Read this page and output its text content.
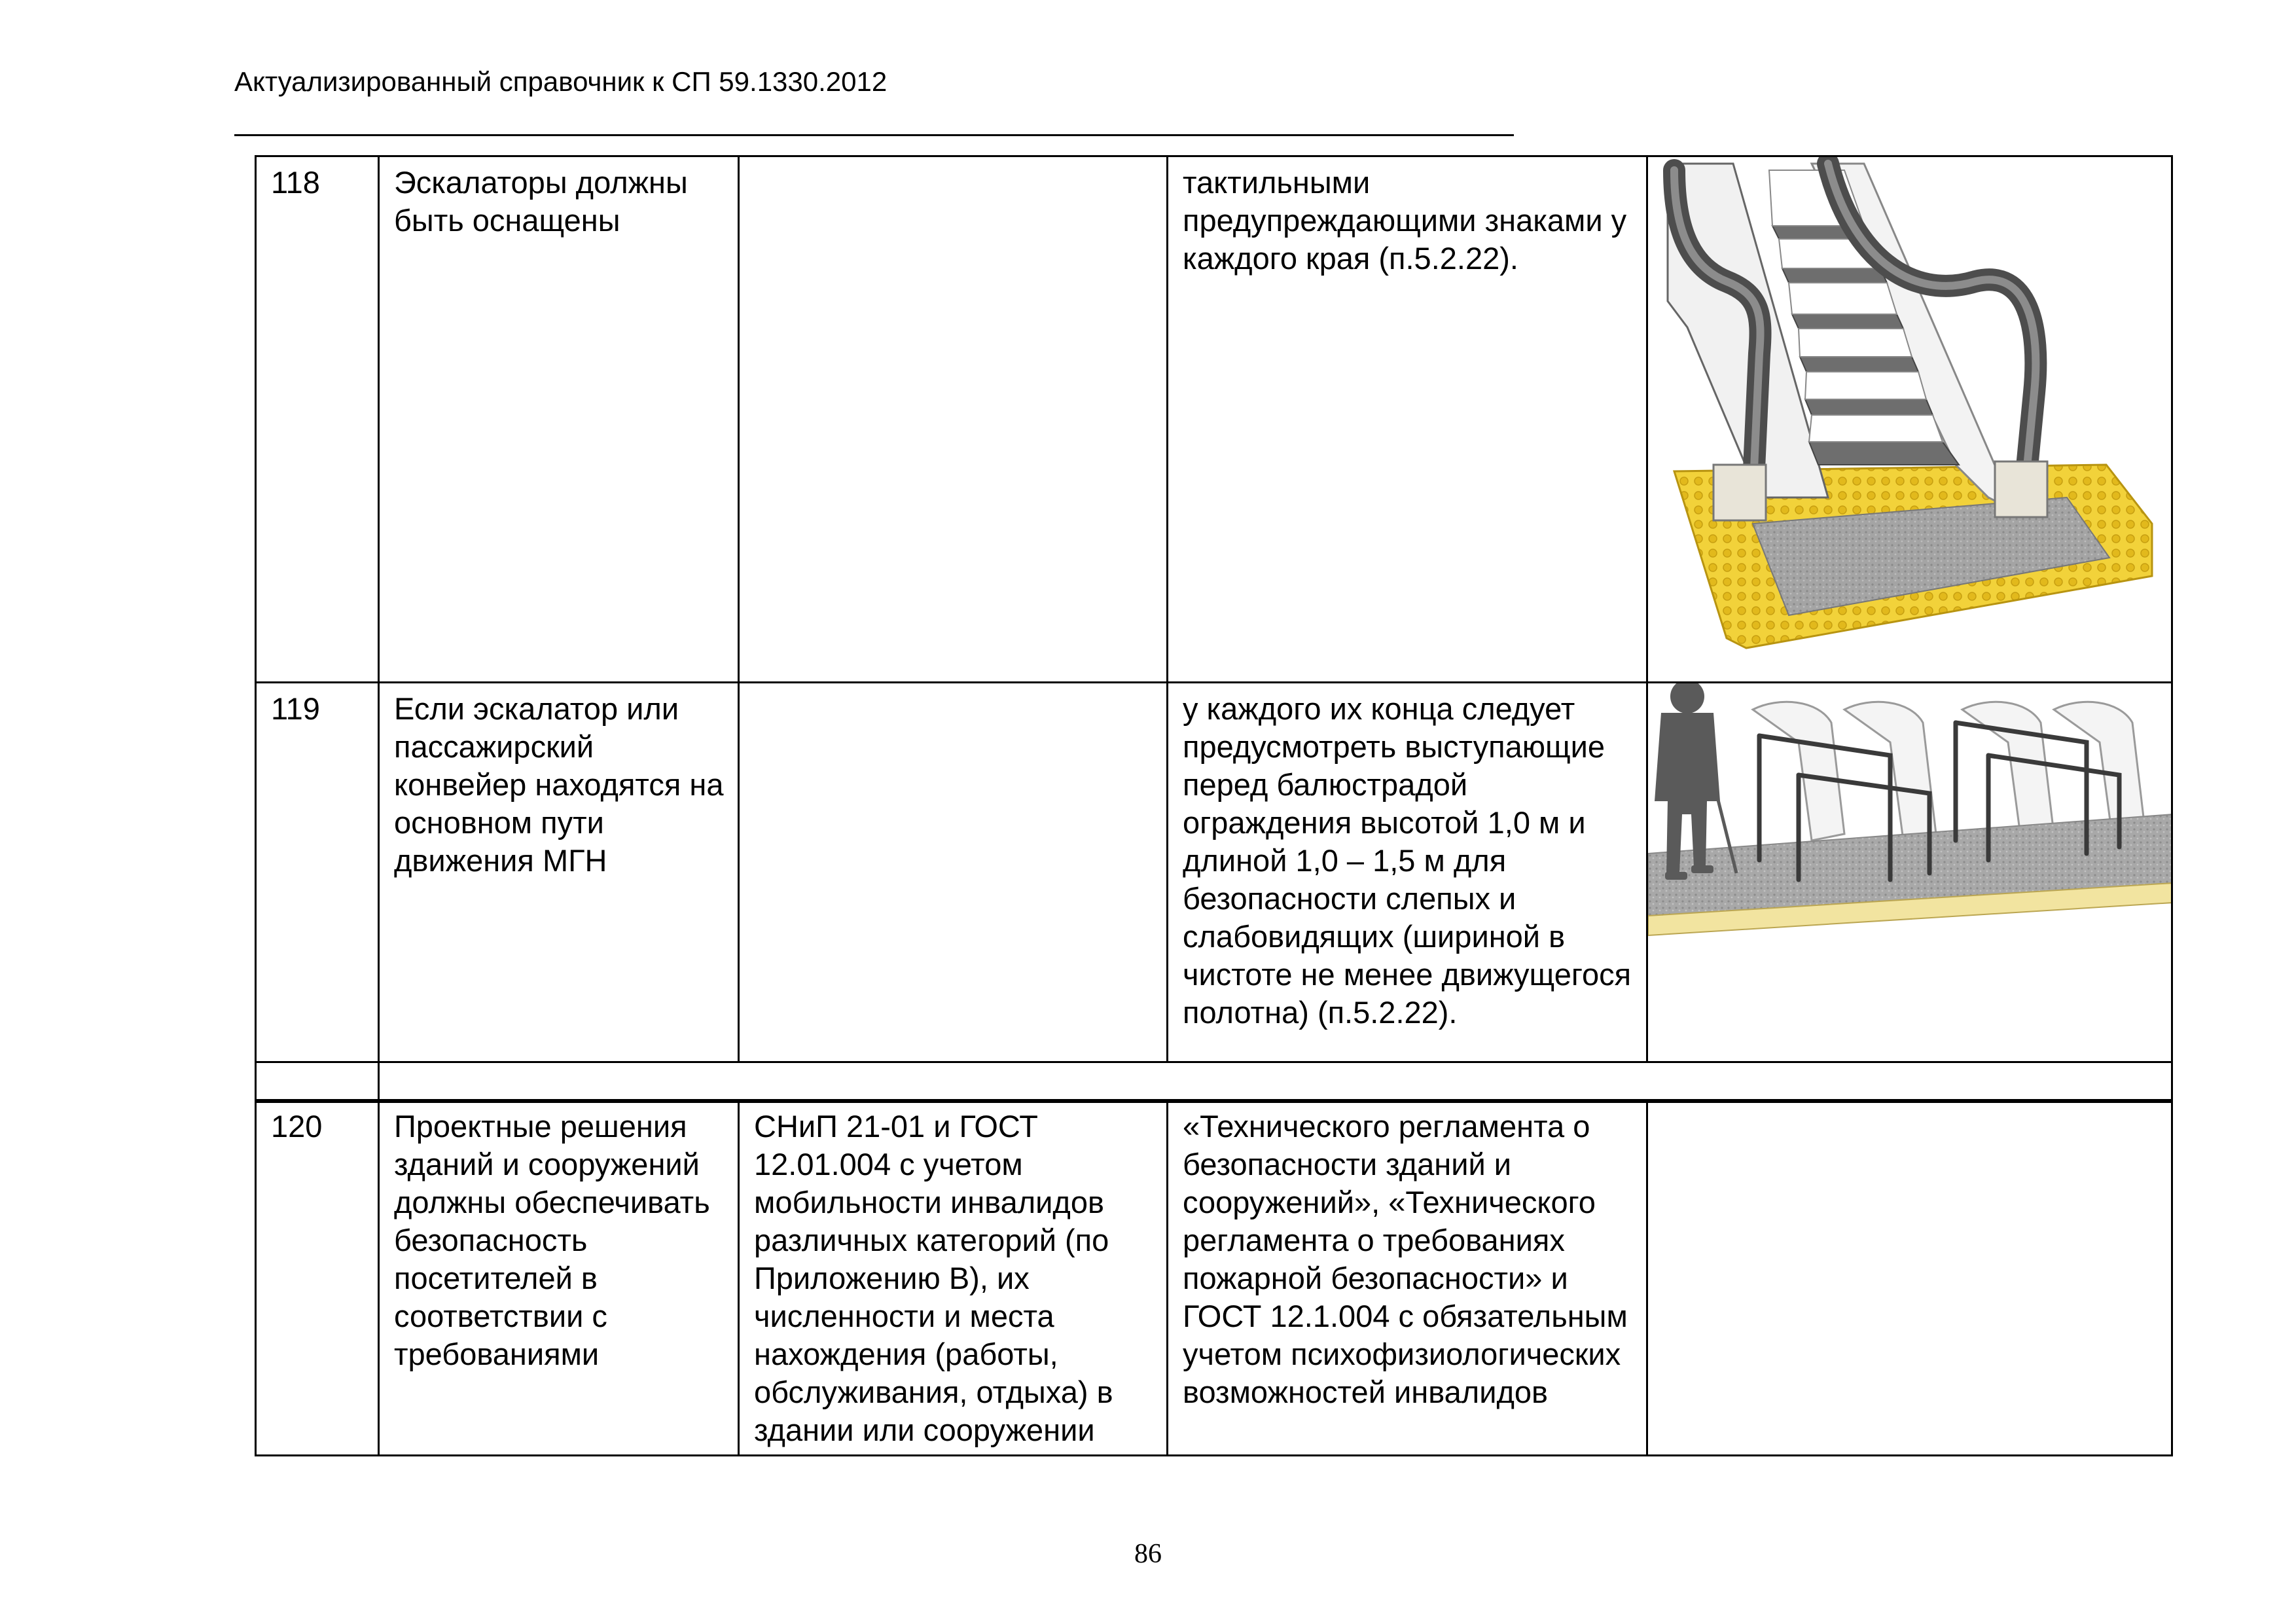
Актуализированный справочник к СП 59.1330.2012
118	Эскалаторы должны быть оснащены		тактильными предупреждающими знаками у каждого края (п.5.2.22).	

119	Если эскалатор или пассажирский конвейер находятся на основном пути движения МГН		у каждого их конца следует предусмотреть выступающие перед балюстрадой ограждения высотой 1,0 м и длиной 1,0 – 1,5 м для безопасности слепых и слабовидящих (шириной в чистоте не менее движущегося полотна) (п.5.2.22).	

120	Проектные решения зданий и сооружений должны обеспечивать безопасность посетителей в соответствии с требованиями	СНиП 21-01 и ГОСТ 12.01.004 с учетом мобильности инвалидов различных категорий (по Приложению В), их численности и места нахождения (работы, обслуживания, отдыха) в здании или сооружении	«Технического регламента о безопасности зданий и сооружений», «Технического регламента о требованиях пожарной безопасности» и ГОСТ 12.1.004 с обязательным учетом психофизиологических возможностей инвалидов	
86
